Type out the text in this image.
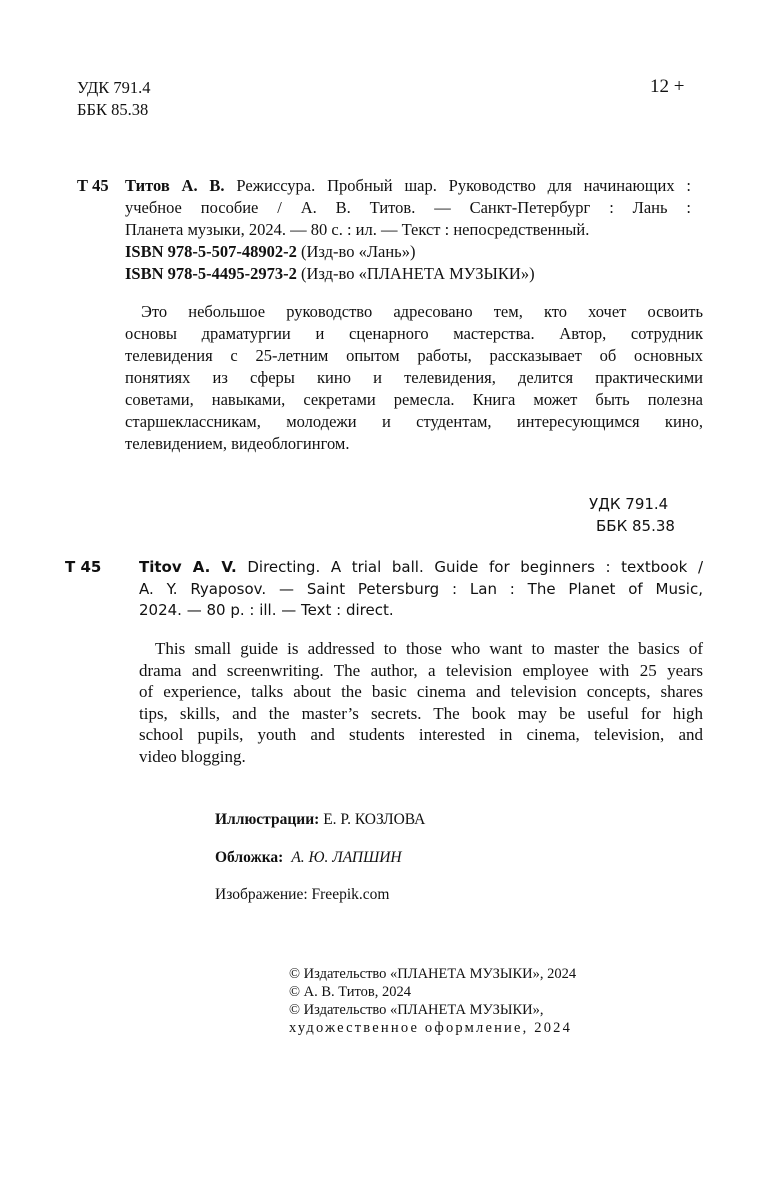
УДК 791.4
ББК 85.38
12 +
Т 45 Титов А. В. Режиссура. Пробный шар. Руководство для начинающих :
учебное пособие / А. В. Титов. — Санкт-Петербург : Лань :
Планета музыки, 2024. — 80 с. : ил. — Текст : непосредственный.
ISBN 978-5-507-48902-2 (Изд-во «Лань»)
ISBN 978-5-4495-2973-2 (Изд-во «ПЛАНЕТА МУЗЫКИ»)
Это небольшое руководство адресовано тем, кто хочет освоить
основы драматургии и сценарного мастерства. Автор, сотрудник
телевидения с 25-летним опытом работы, рассказывает об основных
понятиях из сферы кино и телевидения, делится практическими
советами, навыками, секретами ремесла. Книга может быть полезна
старшеклассникам, молодежи и студентам, интересующимся кино,
телевидением, видеоблогингом.
УДК 791.4
ББК 85.38
Т 45	Titov A. V. Directing. A trial ball. Guide for beginners : textbook /
A. Y. Ryaposov. — Saint Petersburg : Lan : The Planet of Music,
2024. — 80 p. : ill. — Text : direct.
This small guide is addressed to those who want to master the basics of
drama and screenwriting. The author, a television employee with 25 years
of experience, talks about the basic cinema and television concepts, shares
tips, skills, and the master’s secrets. The book may be useful for high
school pupils, youth and students interested in cinema, television, and
video blogging.
Иллюстрации: Е. Р. КОЗЛОВА
Обложка: А. Ю. ЛАПШИН
Изображение: Freepik.com
© Издательство «ПЛАНЕТА МУЗЫКИ», 2024
© А. В. Титов, 2024
© Издательство «ПЛАНЕТА МУЗЫКИ»,
художественное оформление, 2024
